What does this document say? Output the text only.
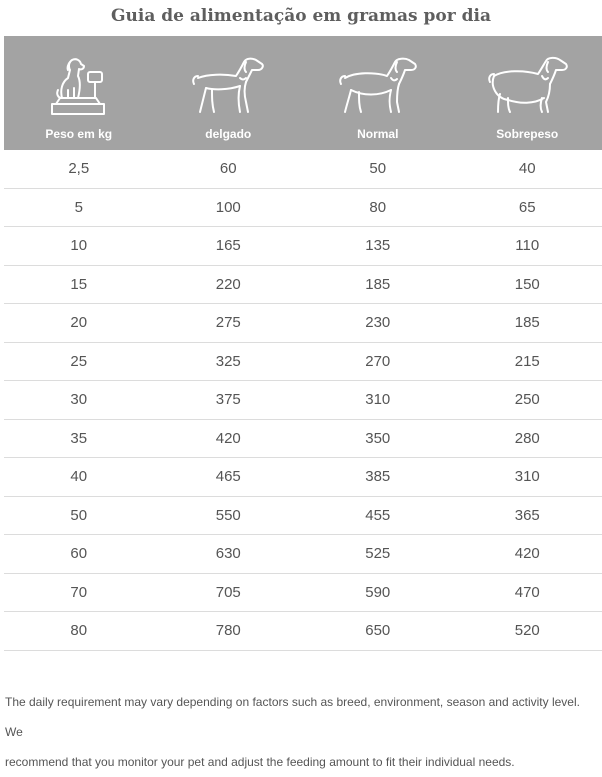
Guia de alimentação em gramas por dia
Peso em kg	delgado	Normal	Sobrepeso
2,5	60	50	40
5	100	80	65
10	165	135	110
15	220	185	150
20	275	230	185
25	325	270	215
30	375	310	250
35	420	350	280
40	465	385	310
50	550	455	365
60	630	525	420
70	705	590	470
80	780	650	520
The daily requirement may vary depending on factors such as breed, environment, season and activity level. We
recommend that you monitor your pet and adjust the feeding amount to fit their individual needs.
